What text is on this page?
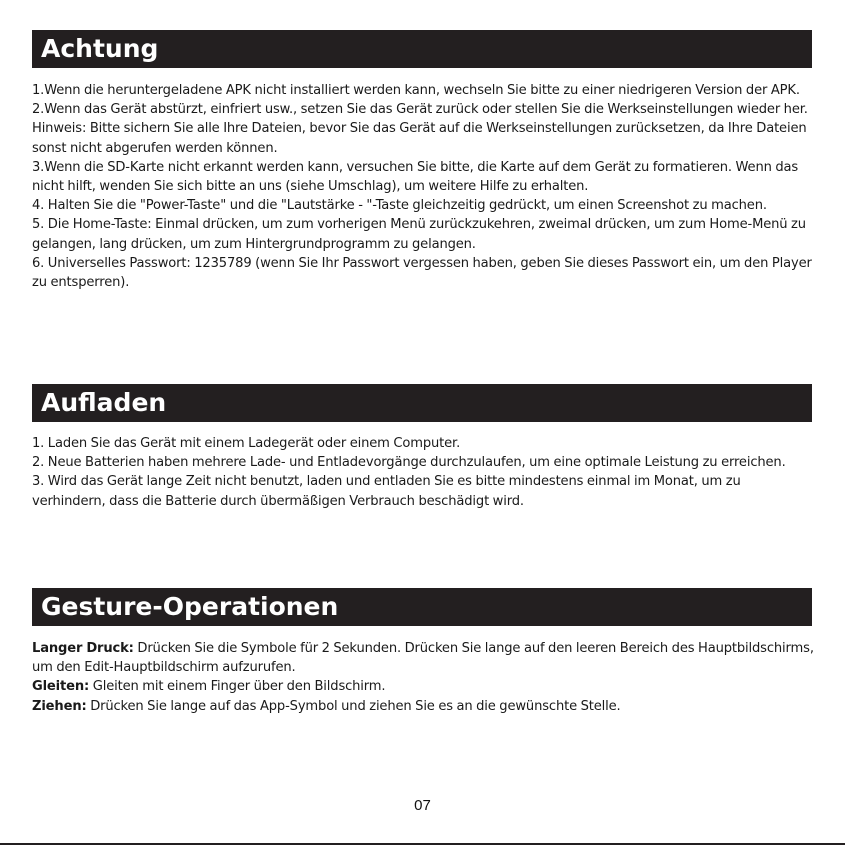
Achtung

1.Wenn die heruntergeladene APK nicht installiert werden kann, wechseln Sie bitte zu einer niedrigeren Version der APK.

2.Wenn das Gerät abstürzt, einfriert usw., setzen Sie das Gerät zurück oder stellen Sie die Werkseinstellungen wieder her. Hinweis: Bitte sichern Sie alle Ihre Dateien, bevor Sie das Gerät auf die Werkseinstellungen zurücksetzen, da Ihre Dateien sonst nicht abgerufen werden können.

3.Wenn die SD-Karte nicht erkannt werden kann, versuchen Sie bitte, die Karte auf dem Gerät zu formatieren. Wenn das nicht hilft, wenden Sie sich bitte an uns (siehe Umschlag), um weitere Hilfe zu erhalten.

4. Halten Sie die "Power-Taste" und die "Lautstärke - "-Taste gleichzeitig gedrückt, um einen Screenshot zu machen.

5. Die Home-Taste: Einmal drücken, um zum vorherigen Menü zurückzukehren, zweimal drücken, um zum Home-Menü zu gelangen, lang drücken, um zum Hintergrundprogramm zu gelangen.

6. Universelles Passwort: 1235789 (wenn Sie Ihr Passwort vergessen haben, geben Sie dieses Passwort ein, um den Player zu entsperren).

Aufladen

1. Laden Sie das Gerät mit einem Ladegerät oder einem Computer.

2. Neue Batterien haben mehrere Lade- und Entladevorgänge durchzulaufen, um eine optimale Leistung zu erreichen.

3. Wird das Gerät lange Zeit nicht benutzt, laden und entladen Sie es bitte mindestens einmal im Monat, um zu verhindern, dass die Batterie durch übermäßigen Verbrauch beschädigt wird.

Gesture-Operationen

Langer Druck: Drücken Sie die Symbole für 2 Sekunden. Drücken Sie lange auf den leeren Bereich des Hauptbildschirms, um den Edit-Hauptbildschirm aufzurufen.

Gleiten: Gleiten mit einem Finger über den Bildschirm.

Ziehen: Drücken Sie lange auf das App-Symbol und ziehen Sie es an die gewünschte Stelle.

07
